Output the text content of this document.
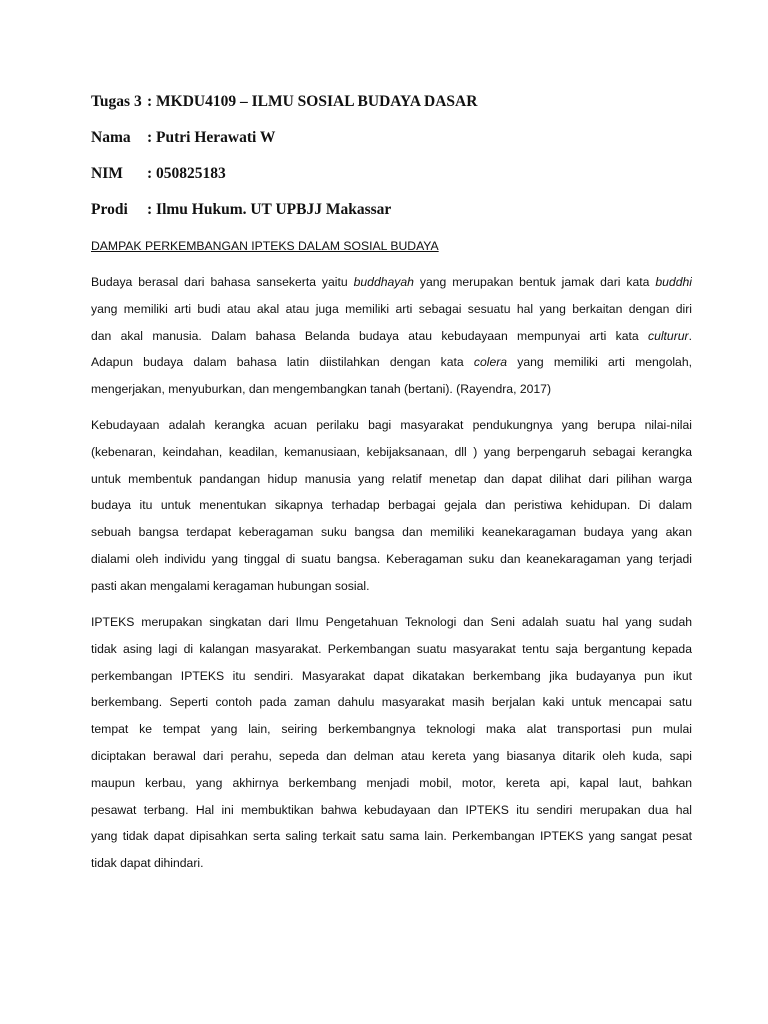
Tugas 3 : MKDU4109 – ILMU SOSIAL BUDAYA DASAR
Nama : Putri Herawati W
NIM : 050825183
Prodi : Ilmu Hukum. UT UPBJJ Makassar
DAMPAK PERKEMBANGAN IPTEKS DALAM SOSIAL BUDAYA
Budaya berasal dari bahasa sansekerta yaitu buddhayah yang merupakan bentuk jamak dari kata buddhi
yang memiliki arti budi atau akal atau juga memiliki arti sebagai sesuatu hal yang berkaitan dengan diri
dan akal manusia. Dalam bahasa Belanda budaya atau kebudayaan mempunyai arti kata culturur.
Adapun budaya dalam bahasa latin diistilahkan dengan kata colera yang memiliki arti mengolah,
mengerjakan, menyuburkan, dan mengembangkan tanah (bertani). (Rayendra, 2017)
Kebudayaan adalah kerangka acuan perilaku bagi masyarakat pendukungnya yang berupa nilai-nilai
(kebenaran, keindahan, keadilan, kemanusiaan, kebijaksanaan, dll ) yang berpengaruh sebagai kerangka
untuk membentuk pandangan hidup manusia yang relatif menetap dan dapat dilihat dari pilihan warga
budaya itu untuk menentukan sikapnya terhadap berbagai gejala dan peristiwa kehidupan. Di dalam
sebuah bangsa terdapat keberagaman suku bangsa dan memiliki keanekaragaman budaya yang akan
dialami oleh individu yang tinggal di suatu bangsa. Keberagaman suku dan keanekaragaman yang terjadi
pasti akan mengalami keragaman hubungan sosial.
IPTEKS merupakan singkatan dari Ilmu Pengetahuan Teknologi dan Seni adalah suatu hal yang sudah
tidak asing lagi di kalangan masyarakat. Perkembangan suatu masyarakat tentu saja bergantung kepada
perkembangan IPTEKS itu sendiri. Masyarakat dapat dikatakan berkembang jika budayanya pun ikut
berkembang. Seperti contoh pada zaman dahulu masyarakat masih berjalan kaki untuk mencapai satu
tempat ke tempat yang lain, seiring berkembangnya teknologi maka alat transportasi pun mulai
diciptakan berawal dari perahu, sepeda dan delman atau kereta yang biasanya ditarik oleh kuda, sapi
maupun kerbau, yang akhirnya berkembang menjadi mobil, motor, kereta api, kapal laut, bahkan
pesawat terbang. Hal ini membuktikan bahwa kebudayaan dan IPTEKS itu sendiri merupakan dua hal
yang tidak dapat dipisahkan serta saling terkait satu sama lain. Perkembangan IPTEKS yang sangat pesat
tidak dapat dihindari.
